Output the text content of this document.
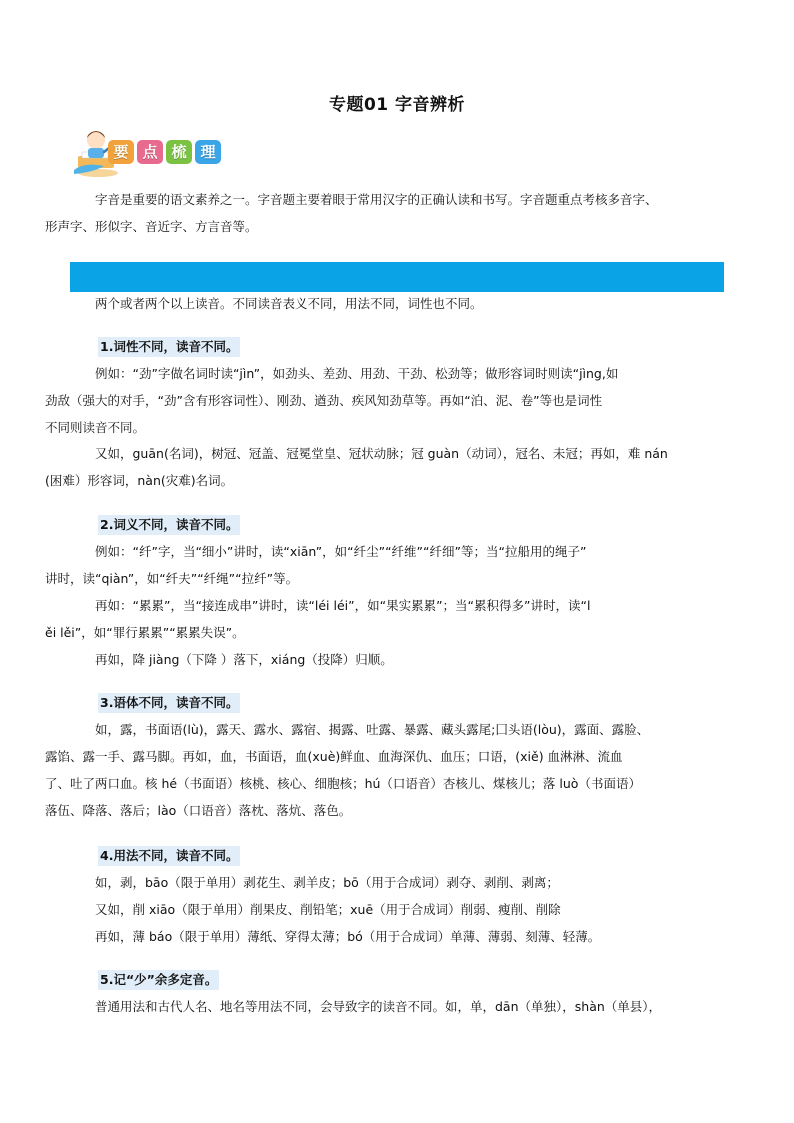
专题01 字音辨析
要 点 梳 理

字音是重要的语文素养之一。字音题主要着眼于常用汉字的正确认读和书写。字音题重点考核多音字、
形声字、形似字、音近字、方言音等。

两个或者两个以上读音。不同读音表义不同，用法不同，词性也不同。

1.词性不同，读音不同。

例如：“劲”字做名词时读“jìn”，如劲头、差劲、用劲、干劲、松劲等；做形容词时则读“jìng,如
劲敌（强大的对手，“劲”含有形容词性）、刚劲、遒劲、疾风知劲草等。再如“泊、泥、卷”等也是词性
不同则读音不同。

又如，guān(名词)，树冠、冠盖、冠冕堂皇、冠状动脉；冠 guàn（动词），冠名、未冠；再如，难 nán
(困难）形容词，nàn(灾难)名词。

2.词义不同，读音不同。

例如：“纤”字，当“细小”讲时，读“xiān”，如“纤尘”“纤维”“纤细”等；当“拉船用的绳子”
讲时，读“qiàn”，如“纤夫”“纤绳”“拉纤”等。

再如：“累累”，当“接连成串”讲时，读“léi léi”，如“果实累累”；当“累积得多”讲时，读“l
ěi lěi”，如“罪行累累”“累累失误”。

再如，降 jiàng（下降 ）落下，xiáng（投降）归顺。

3.语体不同，读音不同。

如，露，书面语(lù)，露天、露水、露宿、揭露、吐露、暴露、藏头露尾;囗头语(lòu)，露面、露脸、
露馅、露一手、露马脚。再如，血，书面语，血(xuè)鲜血、血海深仇、血压；口语，(xiě) 血淋淋、流血
了、吐了两口血。核 hé（书面语）核桃、核心、细胞核；hú（口语音）杏核儿、煤核儿；落 luò（书面语）
落伍、降落、落后；lào（口语音）落枕、落炕、落色。

4.用法不同，读音不同。

如，剥，bāo（限于单用）剥花生、剥羊皮；bō（用于合成词）剥夺、剥削、剥离；

又如，削 xiāo（限于单用）削果皮、削铅笔；xuē（用于合成词）削弱、瘦削、削除

再如，薄 báo（限于单用）薄纸、穿得太薄；bó（用于合成词）单薄、薄弱、刻薄、轻薄。

5.记“少”余多定音。

普通用法和古代人名、地名等用法不同，会导致字的读音不同。如，单，dān（单独），shàn（单县），
